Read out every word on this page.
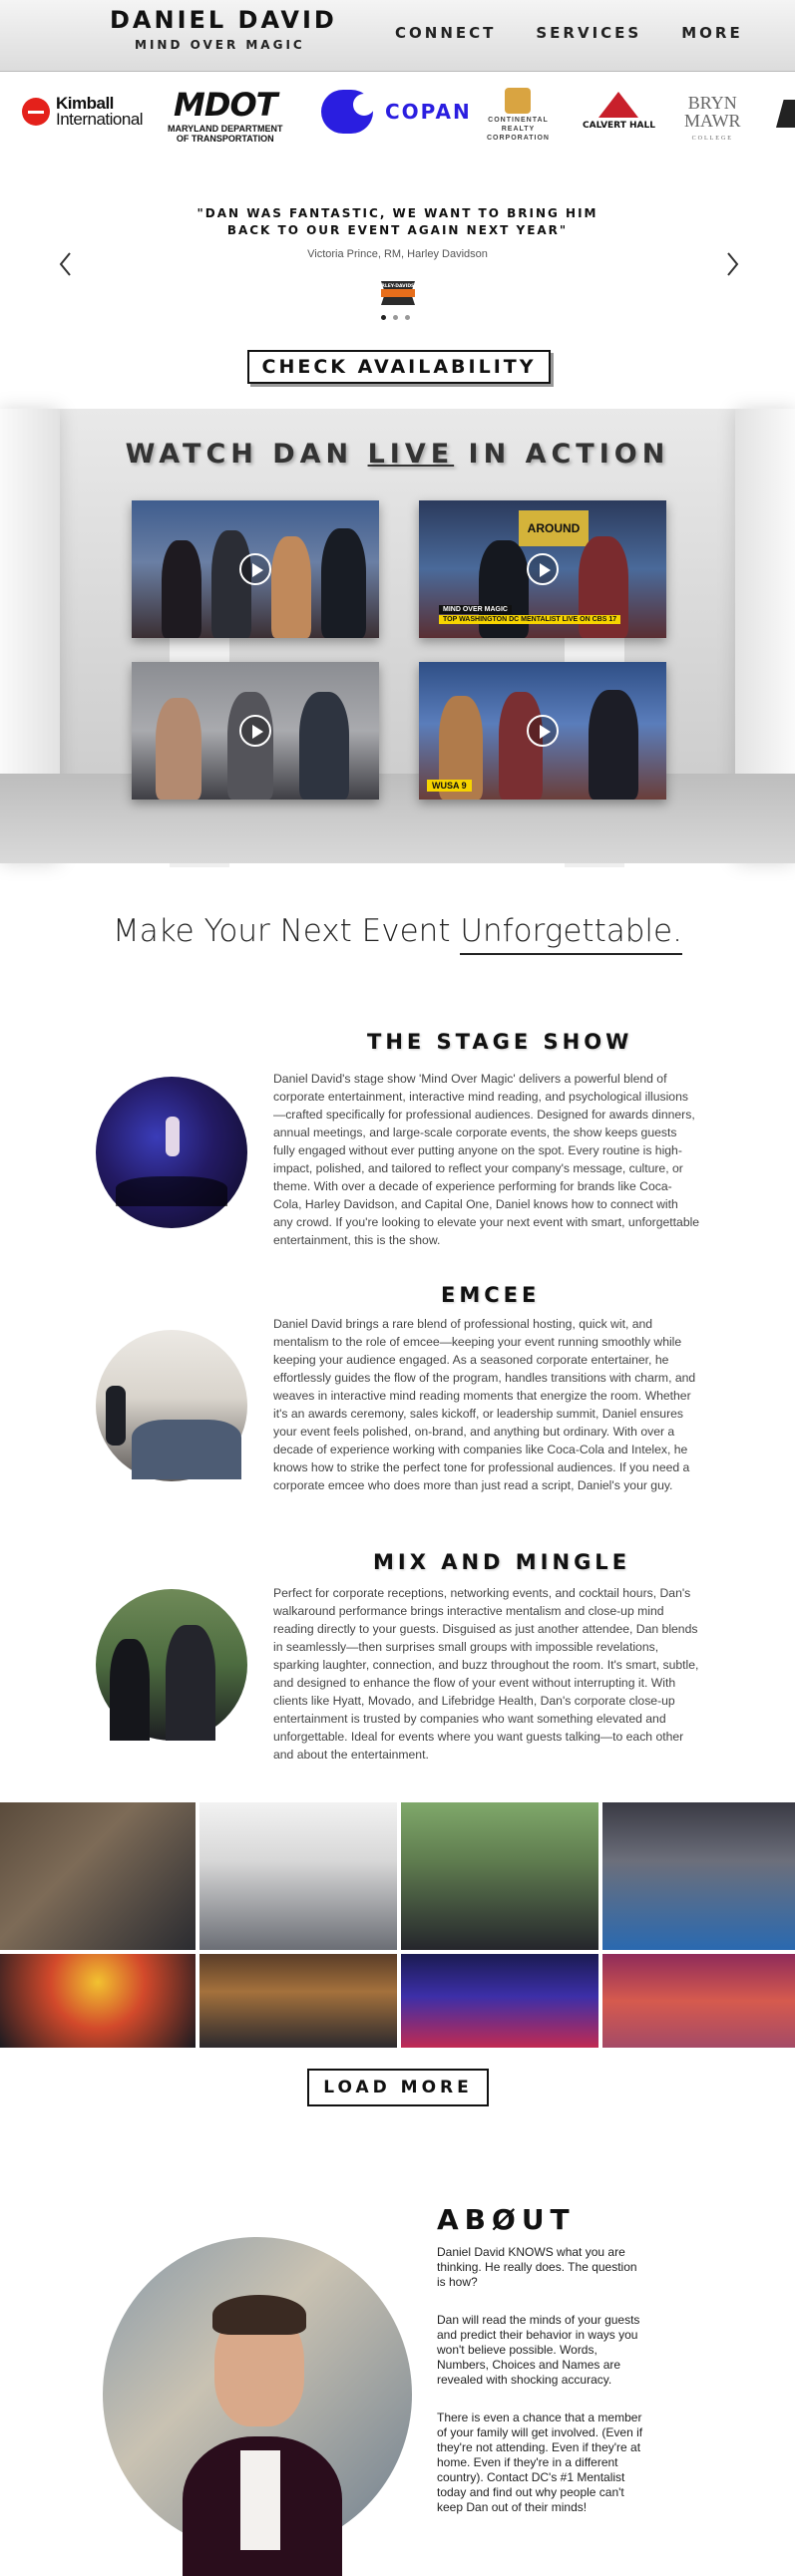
DANIEL DAVID
MIND OVER MAGIC
CONNECT	SERVICES	MORE
Kimball
International MDOT
MARYLAND DEPARTMENT
OF TRANSPORTATION
COPAN CONTINENTAL
REALTY
CORPORATION
CALVERT HALL
BRYN
MAWR
COLLEGE
"DAN WAS FANTASTIC, WE WANT TO BRING HIM
BACK TO OUR EVENT AGAIN NEXT YEAR"
Victoria Prince, RM, Harley Davidson
HARLEY-DAVIDSON
CHECK AVAILABILITY
WATCH DAN LIVE IN ACTION
AROUND
MIND OVER MAGIC
TOP WASHINGTON DC MENTALIST LIVE ON CBS 17
WUSA 9
Make Your Next Event Unforgettable.
THE STAGE SHOW
Daniel David's stage show 'Mind Over Magic' delivers a powerful blend of corporate entertainment, interactive mind reading, and psychological illusions—crafted specifically for professional audiences. Designed for awards dinners, annual meetings, and large-scale corporate events, the show keeps guests fully engaged without ever putting anyone on the spot. Every routine is high-impact, polished, and tailored to reflect your company's message, culture, or theme. With over a decade of experience performing for brands like Coca-Cola, Harley Davidson, and Capital One, Daniel knows how to connect with any crowd. If you're looking to elevate your next event with smart, unforgettable entertainment, this is the show.
EMCEE
Daniel David brings a rare blend of professional hosting, quick wit, and mentalism to the role of emcee—keeping your event running smoothly while keeping your audience engaged. As a seasoned corporate entertainer, he effortlessly guides the flow of the program, handles transitions with charm, and weaves in interactive mind reading moments that energize the room. Whether it's an awards ceremony, sales kickoff, or leadership summit, Daniel ensures your event feels polished, on-brand, and anything but ordinary. With over a decade of experience working with companies like Coca-Cola and Intelex, he knows how to strike the perfect tone for professional audiences. If you need a corporate emcee who does more than just read a script, Daniel's your guy.
MIX AND MINGLE
Perfect for corporate receptions, networking events, and cocktail hours, Dan's walkaround performance brings interactive mentalism and close-up mind reading directly to your guests. Disguised as just another attendee, Dan blends in seamlessly—then surprises small groups with impossible revelations, sparking laughter, connection, and buzz throughout the room. It's smart, subtle, and designed to enhance the flow of your event without interrupting it. With clients like Hyatt, Movado, and Lifebridge Health, Dan's corporate close-up entertainment is trusted by companies who want something elevated and unforgettable. Ideal for events where you want guests talking—to each other and about the entertainment.
LOAD MORE
ABØUT
Daniel David KNOWS what you are thinking. He really does. The question is how?
Dan will read the minds of your guests and predict their behavior in ways you won't believe possible. Words, Numbers, Choices and Names are revealed with shocking accuracy.
There is even a chance that a member of your family will get involved. (Even if they're not attending. Even if they're at home. Even if they're in a different country). Contact DC's #1 Mentalist today and find out why people can't keep Dan out of their minds!
